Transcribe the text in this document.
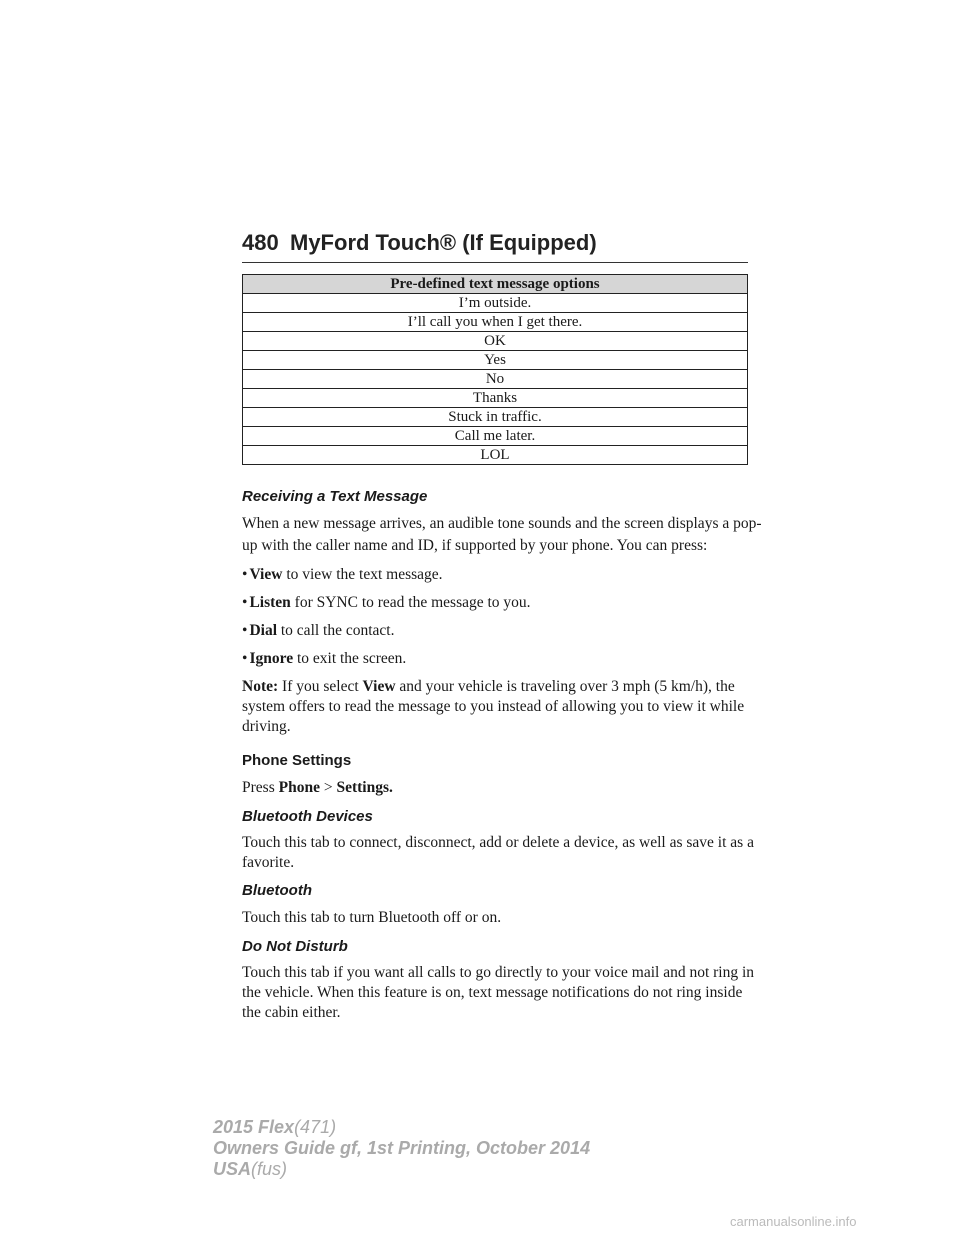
480 MyFord Touch® (If Equipped)
Pre-defined text message options
I’m outside.
I’ll call you when I get there.
OK
Yes
No
Thanks
Stuck in traffic.
Call me later.
LOL
Receiving a Text Message

When a new message arrives, an audible tone sounds and the screen displays a pop-up with the caller name and ID, if supported by your phone. You can press:

• View to view the text message.
• Listen for SYNC to read the message to you.
• Dial to call the contact.
• Ignore to exit the screen.

Note: If you select View and your vehicle is traveling over 3 mph (5 km/h), the system offers to read the message to you instead of allowing you to view it while driving.

Phone Settings

Press Phone > Settings.

Bluetooth Devices

Touch this tab to connect, disconnect, add or delete a device, as well as save it as a favorite.

Bluetooth

Touch this tab to turn Bluetooth off or on.

Do Not Disturb

Touch this tab if you want all calls to go directly to your voice mail and not ring in the vehicle. When this feature is on, text message notifications do not ring inside the cabin either.

2015 Flex(471)
Owners Guide gf, 1st Printing, October 2014
USA(fus)
carmanualsonline.info
